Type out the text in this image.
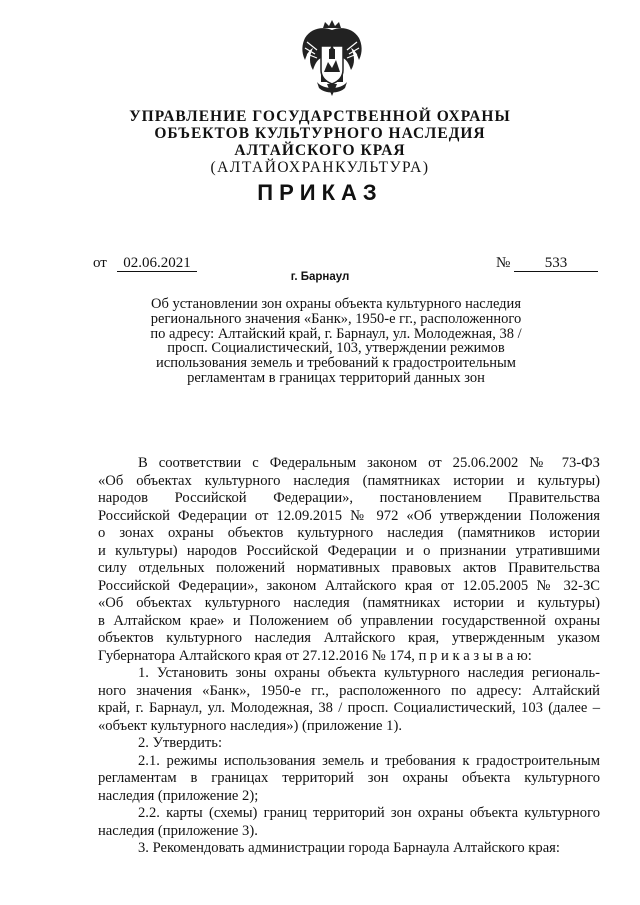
УПРАВЛЕНИЕ ГОСУДАРСТВЕННОЙ ОХРАНЫ
ОБЪЕКТОВ КУЛЬТУРНОГО НАСЛЕДИЯ
АЛТАЙСКОГО КРАЯ
(АЛТАЙОХРАНКУЛЬТУРА)
ПРИКАЗ
от	02.06.2021	№	533
г. Барнаул
Об установлении зон охраны объекта культурного наследия
регионального значения «Банк», 1950-е гг., расположенного
по адресу: Алтайский край, г. Барнаул, ул. Молодежная, 38 /
просп. Социалистический, 103, утверждении режимов
использования земель и требований к градостроительным
регламентам в границах территорий данных зон
В соответствии с Федеральным законом от 25.06.2002 № 73-ФЗ
«Об объектах культурного наследия (памятниках истории и культуры)
народов Российской Федерации», постановлением Правительства
Российской Федерации от 12.09.2015 № 972 «Об утверждении Положения
о зонах охраны объектов культурного наследия (памятников истории
и культуры) народов Российской Федерации и о признании утратившими
силу отдельных положений нормативных правовых актов Правительства
Российской Федерации», законом Алтайского края от 12.05.2005 № 32-ЗС
«Об объектах культурного наследия (памятниках истории и культуры)
в Алтайском крае» и Положением об управлении государственной охраны
объектов культурного наследия Алтайского края, утвержденным указом
Губернатора Алтайского края от 27.12.2016 № 174, п р и к а з ы в а ю:
1. Установить зоны охраны объекта культурного наследия региональ-
ного значения «Банк», 1950-е гг., расположенного по адресу: Алтайский
край, г. Барнаул, ул. Молодежная, 38 / просп. Социалистический, 103 (далее –
«объект культурного наследия») (приложение 1).
2. Утвердить:
2.1. режимы использования земель и требования к градостроительным
регламентам в границах территорий зон охраны объекта культурного
наследия (приложение 2);
2.2. карты (схемы) границ территорий зон охраны объекта культурного
наследия (приложение 3).
3. Рекомендовать администрации города Барнаула Алтайского края:
